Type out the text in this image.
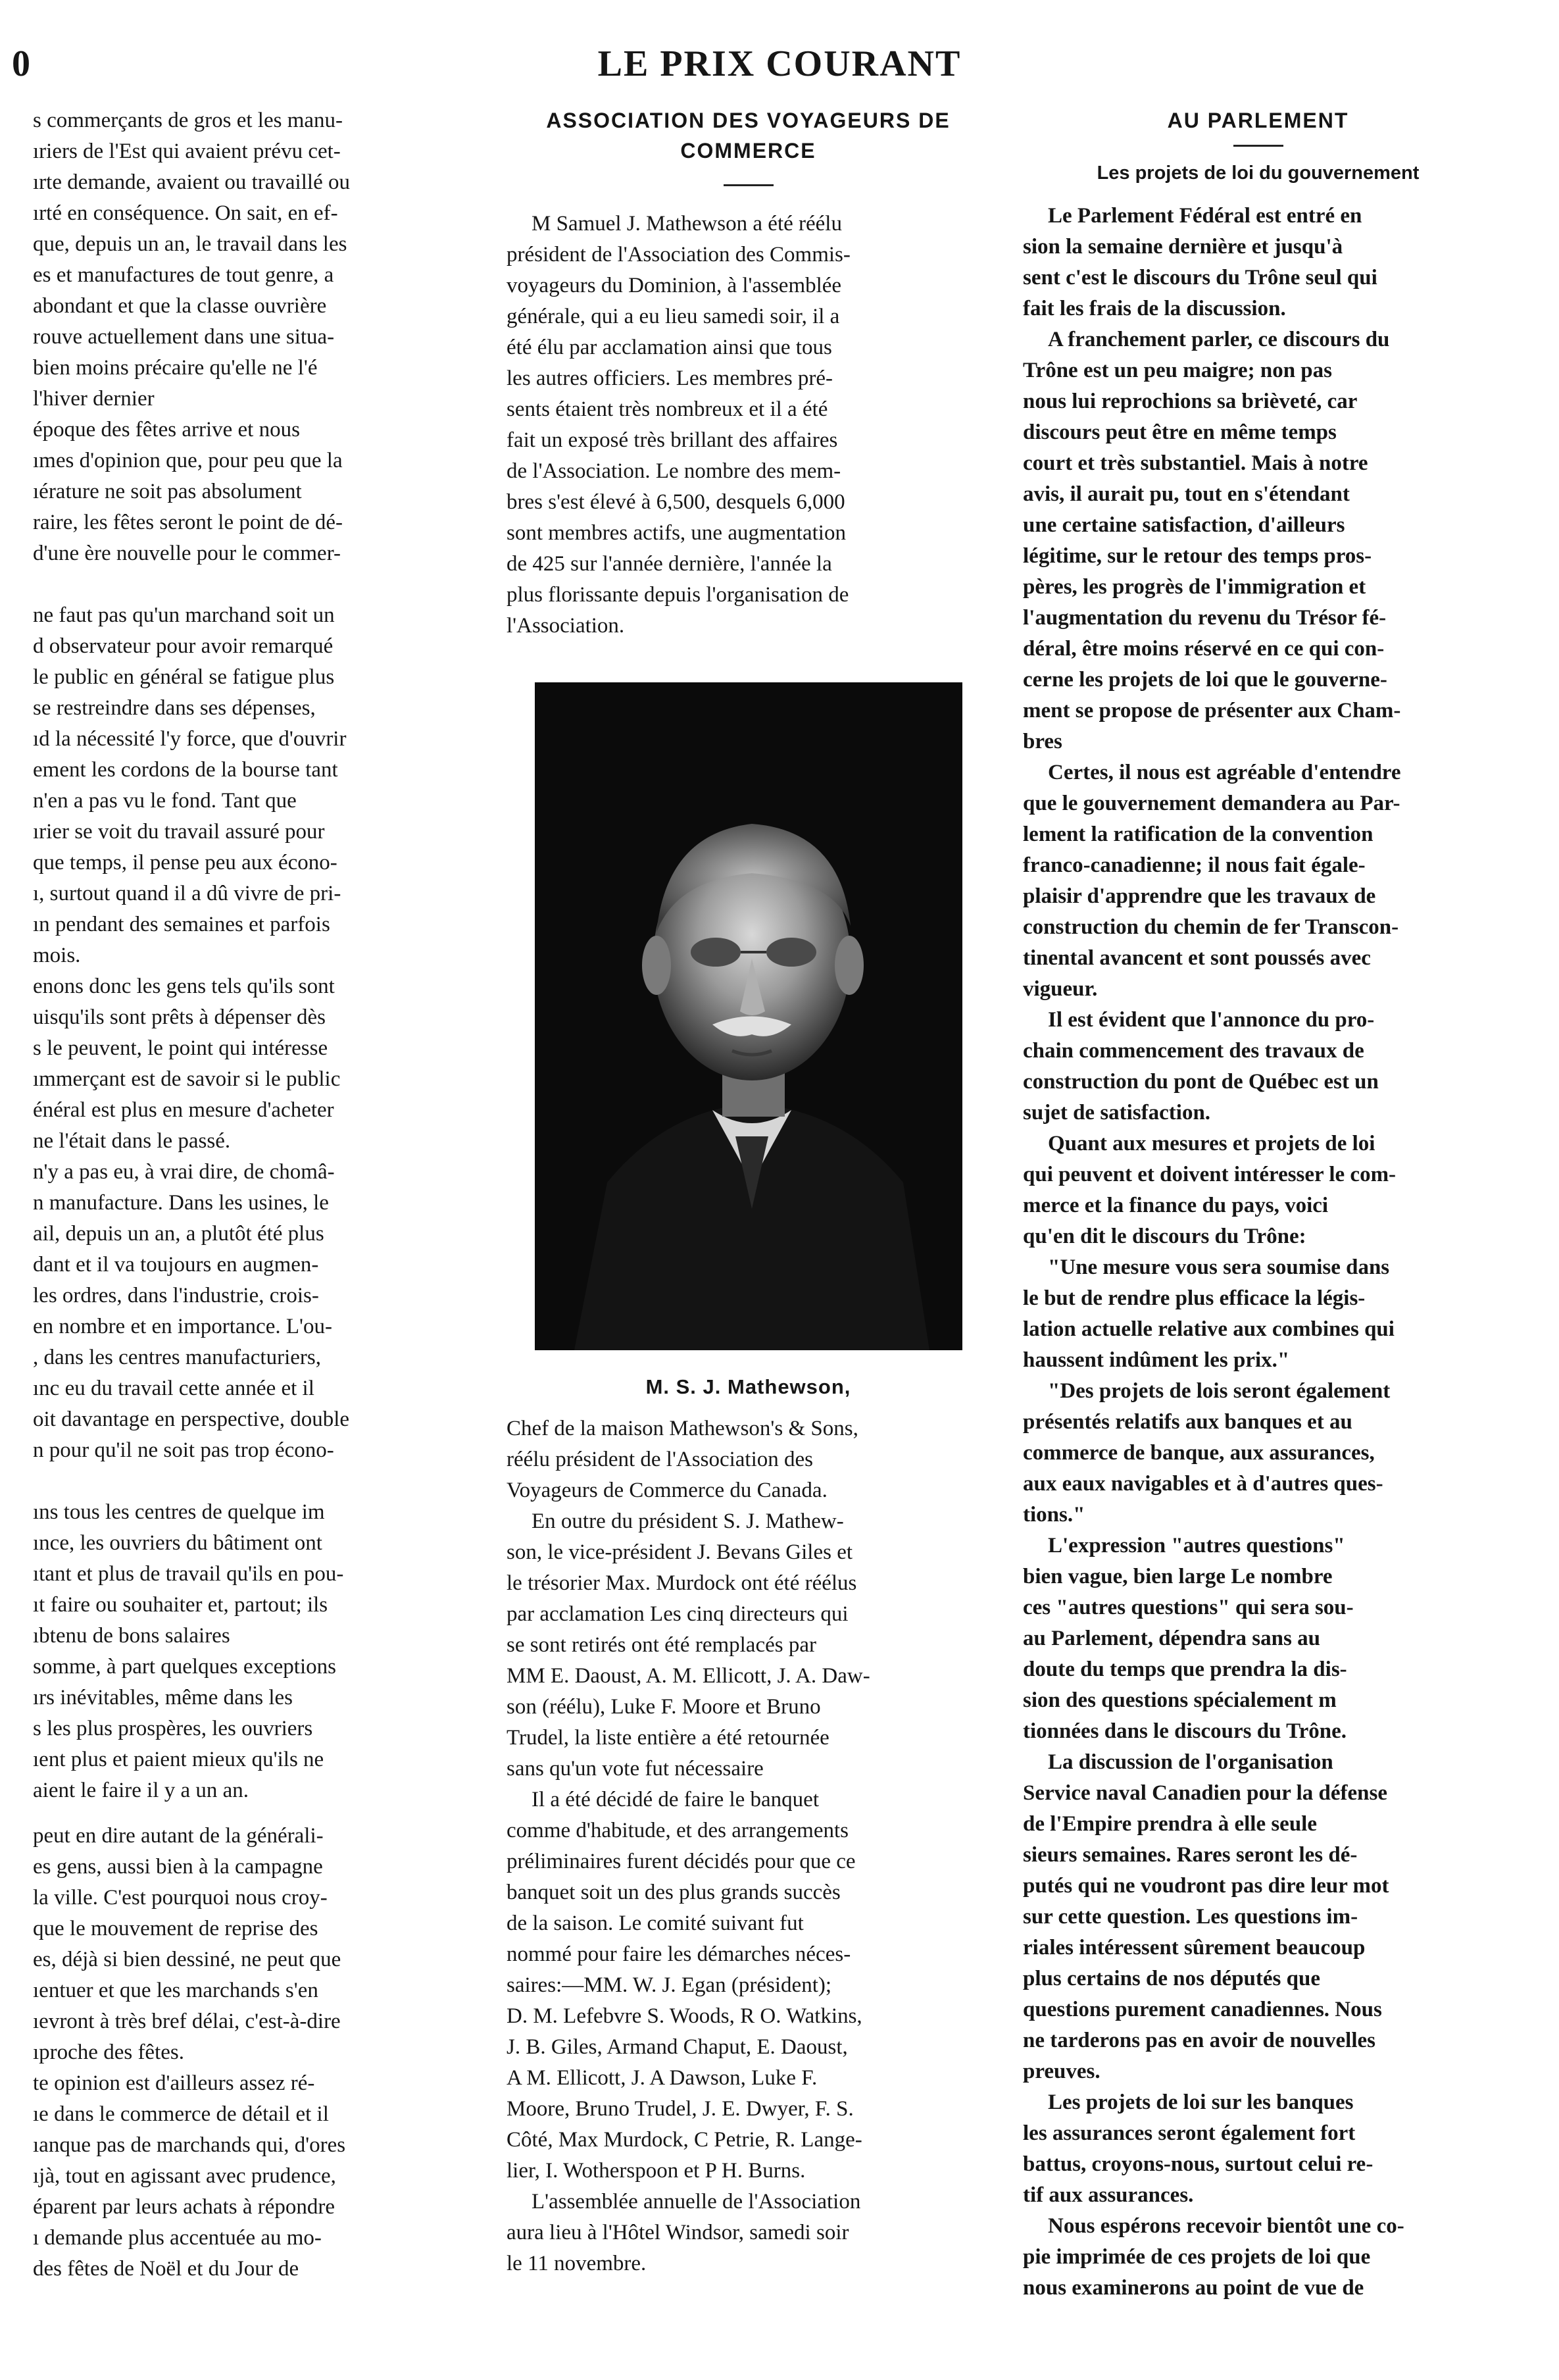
0	LE PRIX COURANT

s commerçants de gros et les manu-

ıriers de l'Est qui avaient prévu cet-

ırte demande, avaient ou travaillé ou

ırté en conséquence. On sait, en ef-

que, depuis un an, le travail dans les

es et manufactures de tout genre, a

abondant et que la classe ouvrière

rouve actuellement dans une situa-

bien moins précaire qu'elle ne l'é

l'hiver dernier

époque des fêtes arrive et nous

ımes d'opinion que, pour peu que la

ıérature ne soit pas absolument

raire, les fêtes seront le point de dé-

d'une ère nouvelle pour le commer-

ne faut pas qu'un marchand soit un

d observateur pour avoir remarqué

le public en général se fatigue plus

se restreindre dans ses dépenses,

ıd la nécessité l'y force, que d'ouvrir

ement les cordons de la bourse tant

n'en a pas vu le fond. Tant que

ırier se voit du travail assuré pour

que temps, il pense peu aux écono-

ı, surtout quand il a dû vivre de pri-

ın pendant des semaines et parfois

mois.

enons donc les gens tels qu'ils sont

uisqu'ils sont prêts à dépenser dès

s le peuvent, le point qui intéresse

ımmerçant est de savoir si le public

énéral est plus en mesure d'acheter

ne l'était dans le passé.

n'y a pas eu, à vrai dire, de chomâ-

n manufacture. Dans les usines, le

ail, depuis un an, a plutôt été plus

dant et il va toujours en augmen-

les ordres, dans l'industrie, crois-

en nombre et en importance. L'ou-

, dans les centres manufacturiers,

ınc eu du travail cette année et il

oit davantage en perspective, double

n pour qu'il ne soit pas trop écono-

ıns tous les centres de quelque im

ınce, les ouvriers du bâtiment ont

ıtant et plus de travail qu'ils en pou-

ıt faire ou souhaiter et, partout; ils

ıbtenu de bons salaires

somme, à part quelques exceptions

ırs inévitables, même dans les

s les plus prospères, les ouvriers

ıent plus et paient mieux qu'ils ne

aient le faire il y a un an.

peut en dire autant de la générali-

es gens, aussi bien à la campagne

la ville. C'est pourquoi nous croy-

que le mouvement de reprise des

es, déjà si bien dessiné, ne peut que

ıentuer et que les marchands s'en

ıevront à très bref délai, c'est-à-dire

ıproche des fêtes.

te opinion est d'ailleurs assez ré-

ıe dans le commerce de détail et il

ıanque pas de marchands qui, d'ores

ıjà, tout en agissant avec prudence,

éparent par leurs achats à répondre

ı demande plus accentuée au mo-

des fêtes de Noël et du Jour de

ASSOCIATION DES VOYAGEURS DE COMMERCE

M Samuel J. Mathewson a été réélu

président de l'Association des Commis-

voyageurs du Dominion, à l'assemblée

générale, qui a eu lieu samedi soir, il a

été élu par acclamation ainsi que tous

les autres officiers. Les membres pré-

sents étaient très nombreux et il a été

fait un exposé très brillant des affaires

de l'Association. Le nombre des mem-

bres s'est élevé à 6,500, desquels 6,000

sont membres actifs, une augmentation

de 425 sur l'année dernière, l'année la

plus florissante depuis l'organisation de

l'Association.

M. S. J. Mathewson,

Chef de la maison Mathewson's & Sons,

réélu président de l'Association des

Voyageurs de Commerce du Canada.

En outre du président S. J. Mathew-

son, le vice-président J. Bevans Giles et

le trésorier Max. Murdock ont été réélus

par acclamation Les cinq directeurs qui

se sont retirés ont été remplacés par

MM E. Daoust, A. M. Ellicott, J. A. Daw-

son (réélu), Luke F. Moore et Bruno

Trudel, la liste entière a été retournée

sans qu'un vote fut nécessaire

Il a été décidé de faire le banquet

comme d'habitude, et des arrangements

préliminaires furent décidés pour que ce

banquet soit un des plus grands succès

de la saison. Le comité suivant fut

nommé pour faire les démarches néces-

saires:—MM. W. J. Egan (président);

D. M. Lefebvre S. Woods, R O. Watkins,

J. B. Giles, Armand Chaput, E. Daoust,

A M. Ellicott, J. A Dawson, Luke F.

Moore, Bruno Trudel, J. E. Dwyer, F. S.

Côté, Max Murdock, C Petrie, R. Lange-

lier, I. Wotherspoon et P H. Burns.

L'assemblée annuelle de l'Association

aura lieu à l'Hôtel Windsor, samedi soir

le 11 novembre.

AU PARLEMENT
Les projets de loi du gouvernement

Le Parlement Fédéral est entré en

sion la semaine dernière et jusqu'à

sent c'est le discours du Trône seul qui

fait les frais de la discussion.

A franchement parler, ce discours du

Trône est un peu maigre; non pas

nous lui reprochions sa brièveté, car

discours peut être en même temps

court et très substantiel. Mais à notre

avis, il aurait pu, tout en s'étendant

une certaine satisfaction, d'ailleurs

légitime, sur le retour des temps pros-

pères, les progrès de l'immigration et

l'augmentation du revenu du Trésor fé-

déral, être moins réservé en ce qui con-

cerne les projets de loi que le gouverne-

ment se propose de présenter aux Cham-

bres

Certes, il nous est agréable d'entendre

que le gouvernement demandera au Par-

lement la ratification de la convention

franco-canadienne; il nous fait égale-

plaisir d'apprendre que les travaux de

construction du chemin de fer Transcon-

tinental avancent et sont poussés avec

vigueur.

Il est évident que l'annonce du pro-

chain commencement des travaux de

construction du pont de Québec est un

sujet de satisfaction.

Quant aux mesures et projets de loi

qui peuvent et doivent intéresser le com-

merce et la finance du pays, voici

qu'en dit le discours du Trône:

"Une mesure vous sera soumise dans

le but de rendre plus efficace la légis-

lation actuelle relative aux combines qui

haussent indûment les prix."

"Des projets de lois seront également

présentés relatifs aux banques et au

commerce de banque, aux assurances,

aux eaux navigables et à d'autres ques-

tions."

L'expression "autres questions"

bien vague, bien large Le nombre

ces "autres questions" qui sera sou-

au Parlement, dépendra sans au

doute du temps que prendra la dis-

sion des questions spécialement m

tionnées dans le discours du Trône.

La discussion de l'organisation

Service naval Canadien pour la défense

de l'Empire prendra à elle seule

sieurs semaines. Rares seront les dé-

putés qui ne voudront pas dire leur mot

sur cette question. Les questions im-

riales intéressent sûrement beaucoup

plus certains de nos députés que

questions purement canadiennes. Nous

ne tarderons pas en avoir de nouvelles

preuves.

Les projets de loi sur les banques

les assurances seront également fort

battus, croyons-nous, surtout celui re-

tif aux assurances.

Nous espérons recevoir bientôt une co-

pie imprimée de ces projets de loi que

nous examinerons au point de vue de
